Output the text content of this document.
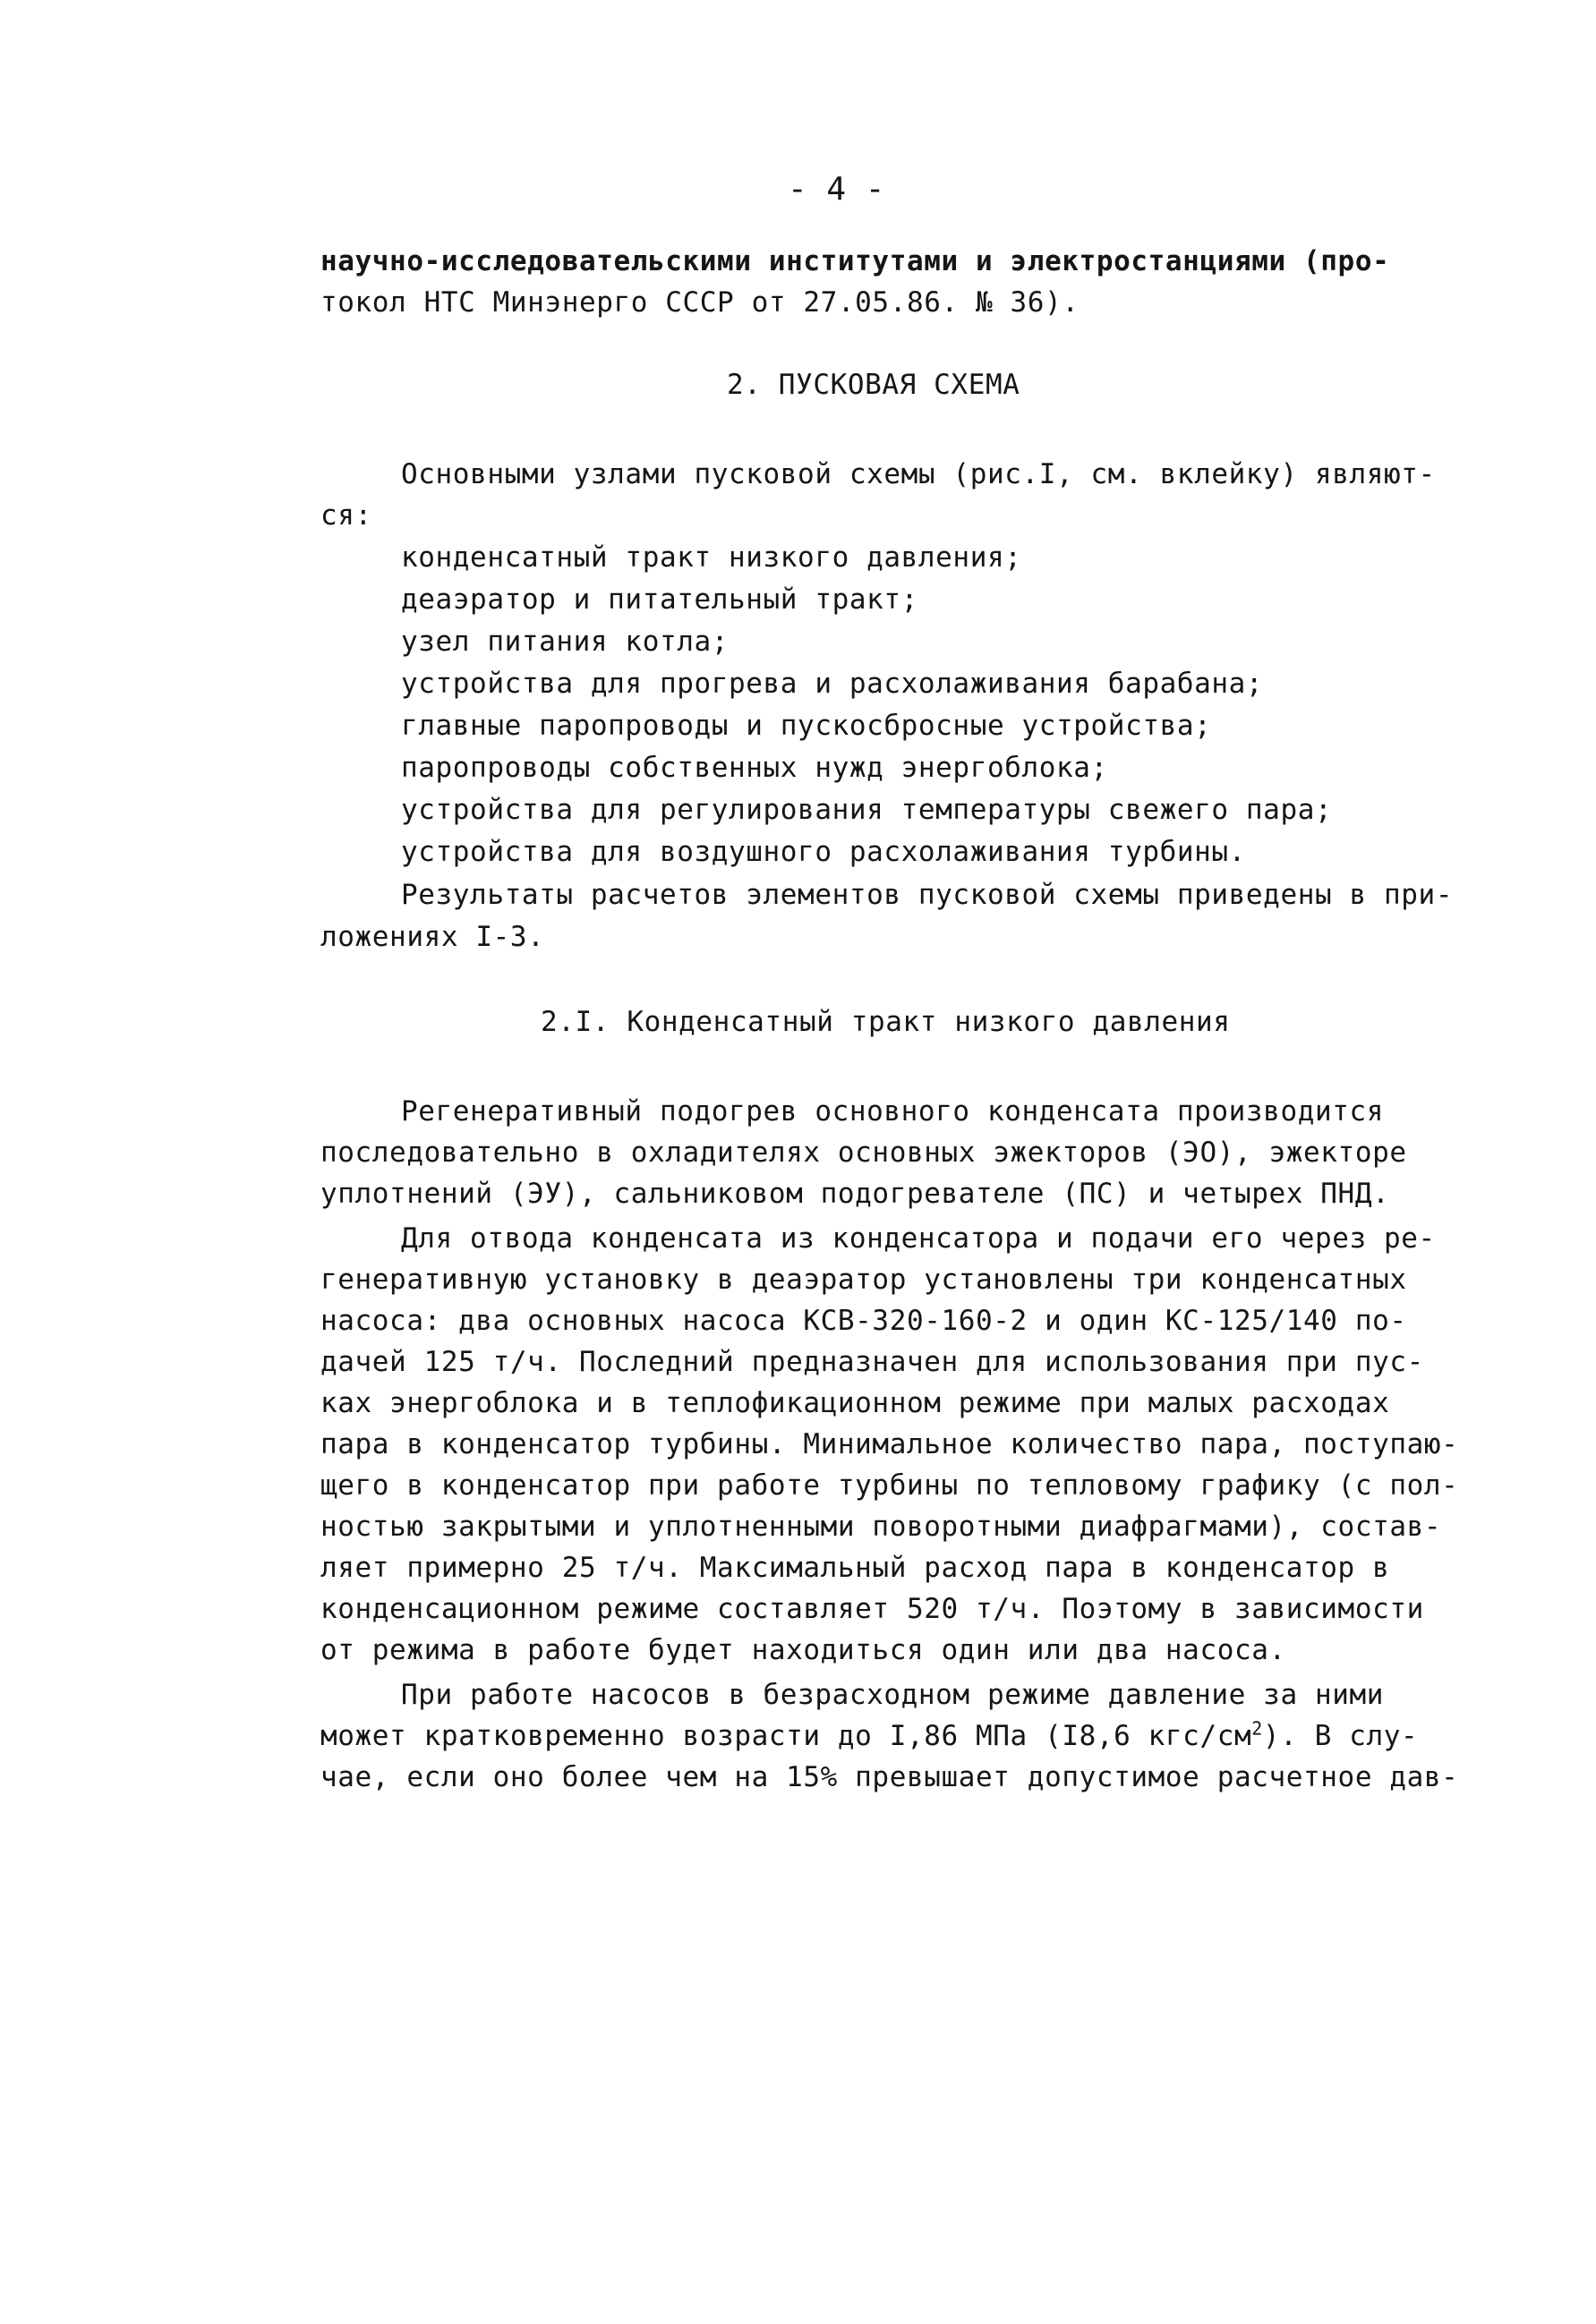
- 4 -
научно-исследовательскими институтами и электростанциями (про-
токол НТС Минэнерго СССР от 27.05.86. № 36).
2. ПУСКОВАЯ СХЕМА
Основными узлами пусковой схемы (рис.I, см. вклейку) являют-
ся:
конденсатный тракт низкого давления;
деаэратор и питательный тракт;
узел питания котла;
устройства для прогрева и расхолаживания барабана;
главные паропроводы и пускосбросные устройства;
паропроводы собственных нужд энергоблока;
устройства для регулирования температуры свежего пара;
устройства для воздушного расхолаживания турбины.
Результаты расчетов элементов пусковой схемы приведены в при-
ложениях I-3.
2.I. Конденсатный тракт низкого давления
Регенеративный подогрев основного конденсата производится
последовательно в охладителях основных эжекторов (ЭО), эжекторе
уплотнений (ЭУ), сальниковом подогревателе (ПС) и четырех ПНД.
Для отвода конденсата из конденсатора и подачи его через ре-
генеративную установку в деаэратор установлены три конденсатных
насоса: два основных насоса КСВ-320-160-2 и один КС-125/140 по-
дачей 125 т/ч. Последний предназначен для использования при пус-
ках энергоблока и в теплофикационном режиме при малых расходах
пара в конденсатор турбины. Минимальное количество пара, поступаю-
щего в конденсатор при работе турбины по тепловому графику (с пол-
ностью закрытыми и уплотненными поворотными диафрагмами), состав-
ляет примерно 25 т/ч. Максимальный расход пара в конденсатор в
конденсационном режиме составляет 520 т/ч. Поэтому в зависимости
от режима в работе будет находиться один или два насоса.
При работе насосов в безрасходном режиме давление за ними
может кратковременно возрасти до I,86 МПа (I8,6 кгс/$см^2$). В слу-
чае, если оно более чем на 15% превышает допустимое расчетное дав-
